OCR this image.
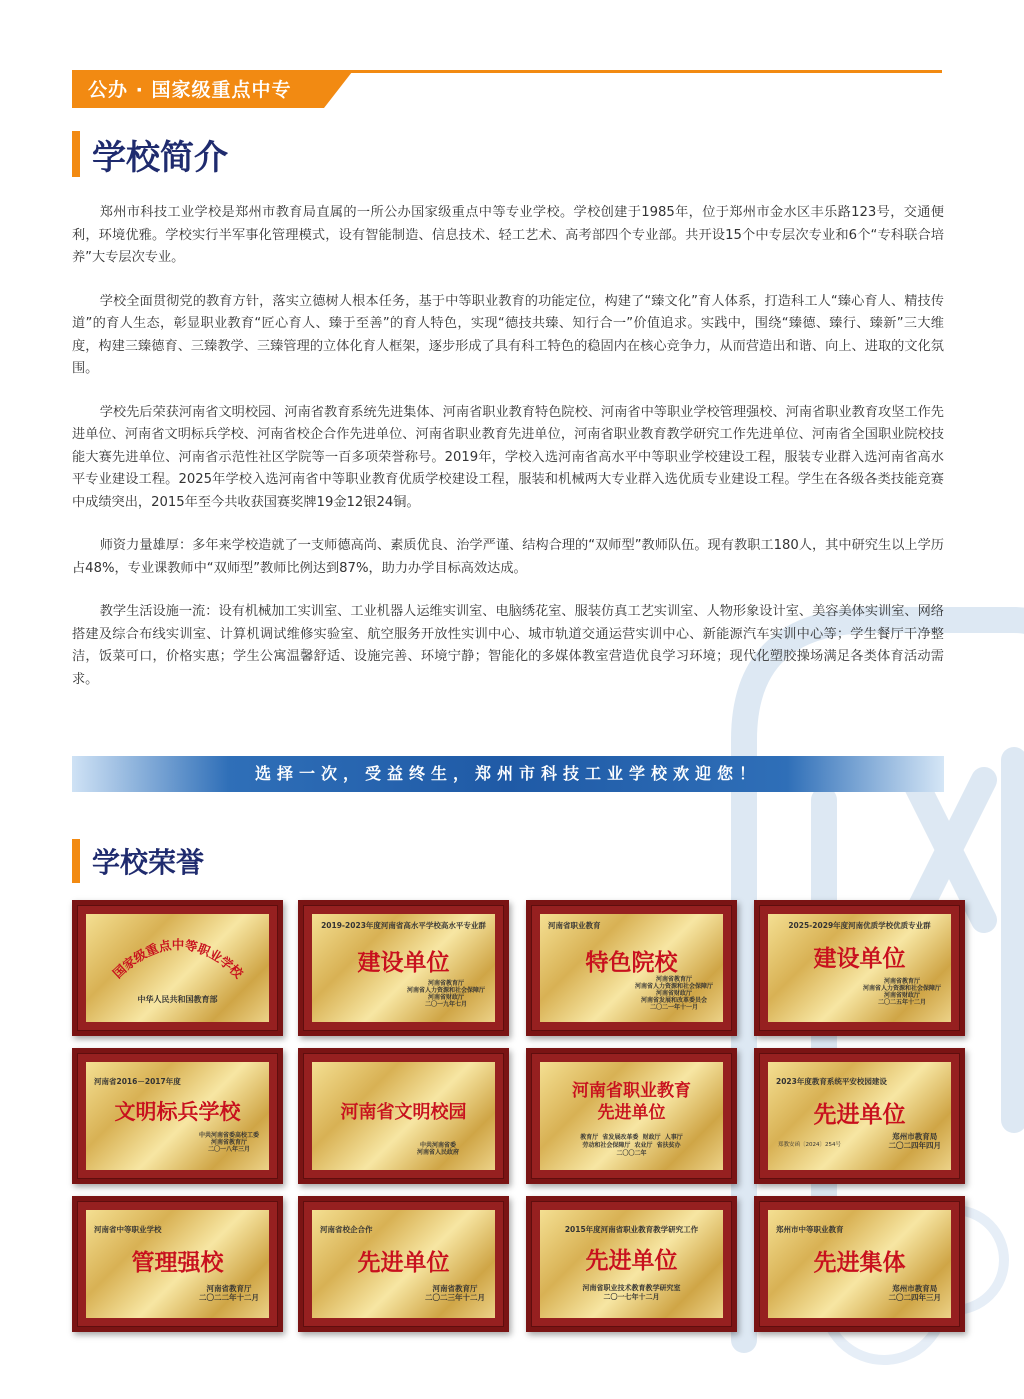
公办 · 国家级重点中专
学校简介

郑州市科技工业学校是郑州市教育局直属的一所公办国家级重点中等专业学校。学校创建于1985年，位于郑州市金水区丰乐路123号，交通便利，环境优雅。学校实行半军事化管理模式，设有智能制造、信息技术、轻工艺术、高考部四个专业部。共开设15个中专层次专业和6个“专科联合培养”大专层次专业。

学校全面贯彻党的教育方针，落实立德树人根本任务，基于中等职业教育的功能定位，构建了“臻文化”育人体系，打造科工人“臻心育人、精技传道”的育人生态，彰显职业教育“匠心育人、臻于至善”的育人特色，实现“德技共臻、知行合一”价值追求。实践中，围绕“臻德、臻行、臻新”三大维度，构建三臻德育、三臻教学、三臻管理的立体化育人框架，逐步形成了具有科工特色的稳固内在核心竞争力，从而营造出和谐、向上、进取的文化氛围。

学校先后荣获河南省文明校园、河南省教育系统先进集体、河南省职业教育特色院校、河南省中等职业学校管理强校、河南省职业教育攻坚工作先进单位、河南省文明标兵学校、河南省校企合作先进单位、河南省职业教育先进单位，河南省职业教育教学研究工作先进单位、河南省全国职业院校技能大赛先进单位、河南省示范性社区学院等一百多项荣誉称号。2019年，学校入选河南省高水平中等职业学校建设工程，服装专业群入选河南省高水平专业建设工程。2025年学校入选河南省中等职业教育优质学校建设工程，服装和机械两大专业群入选优质专业建设工程。学生在各级各类技能竞赛中成绩突出，2015年至今共收获国赛奖牌19金12银24铜。

师资力量雄厚：多年来学校造就了一支师德高尚、素质优良、治学严谨、结构合理的“双师型”教师队伍。现有教职工180人，其中研究生以上学历占48%，专业课教师中“双师型”教师比例达到87%，助力办学目标高效达成。

教学生活设施一流：设有机械加工实训室、工业机器人运维实训室、电脑绣花室、服装仿真工艺实训室、人物形象设计室、美容美体实训室、网络搭建及综合布线实训室、计算机调试维修实验室、航空服务开放性实训中心、城市轨道交通运营实训中心、新能源汽车实训中心等；学生餐厅干净整洁，饭菜可口，价格实惠；学生公寓温馨舒适、设施完善、环境宁静；智能化的多媒体教室营造优良学习环境；现代化塑胶操场满足各类体育活动需求。

选择一次，受益终生，郑州市科技工业学校欢迎您！
学校荣誉
国家级重点中等职业学校
中华人民共和国教育部
2019-2023年度河南省高水平学校高水平专业群
建设单位
河南省教育厅
河南省人力资源和社会保障厅
河南省财政厅
二〇一九年七月
河南省职业教育
特色院校
河南省教育厅
河南省人力资源和社会保障厅
河南省财政厅
河南省发展和改革委员会
二〇二一年十一月
2025-2029年度河南优质学校优质专业群
建设单位
河南省教育厅
河南省人力资源和社会保障厅
河南省财政厅
二〇二五年十二月
河南省2016－2017年度
文明标兵学校
中共河南省委高校工委
河南省教育厅
二〇一八年三月
河南省文明校园
中共河南省委
河南省人民政府
河南省职业教育
先进单位
教育厅  省发展改革委  财政厅  人事厅
劳动和社会保障厅  农业厅  省扶贫办
二〇〇二年
2023年度教育系统平安校园建设
先进单位
郑教安函〔2024〕254号
郑州市教育局
二〇二四年四月
河南省中等职业学校
管理强校
河南省教育厅
二〇二二年十二月
河南省校企合作
先进单位
河南省教育厅
二〇二三年十二月
2015年度河南省职业教育教学研究工作
先进单位
河南省职业技术教育教学研究室
二〇一七年十二月
郑州市中等职业教育
先进集体
郑州市教育局
二〇二四年三月
